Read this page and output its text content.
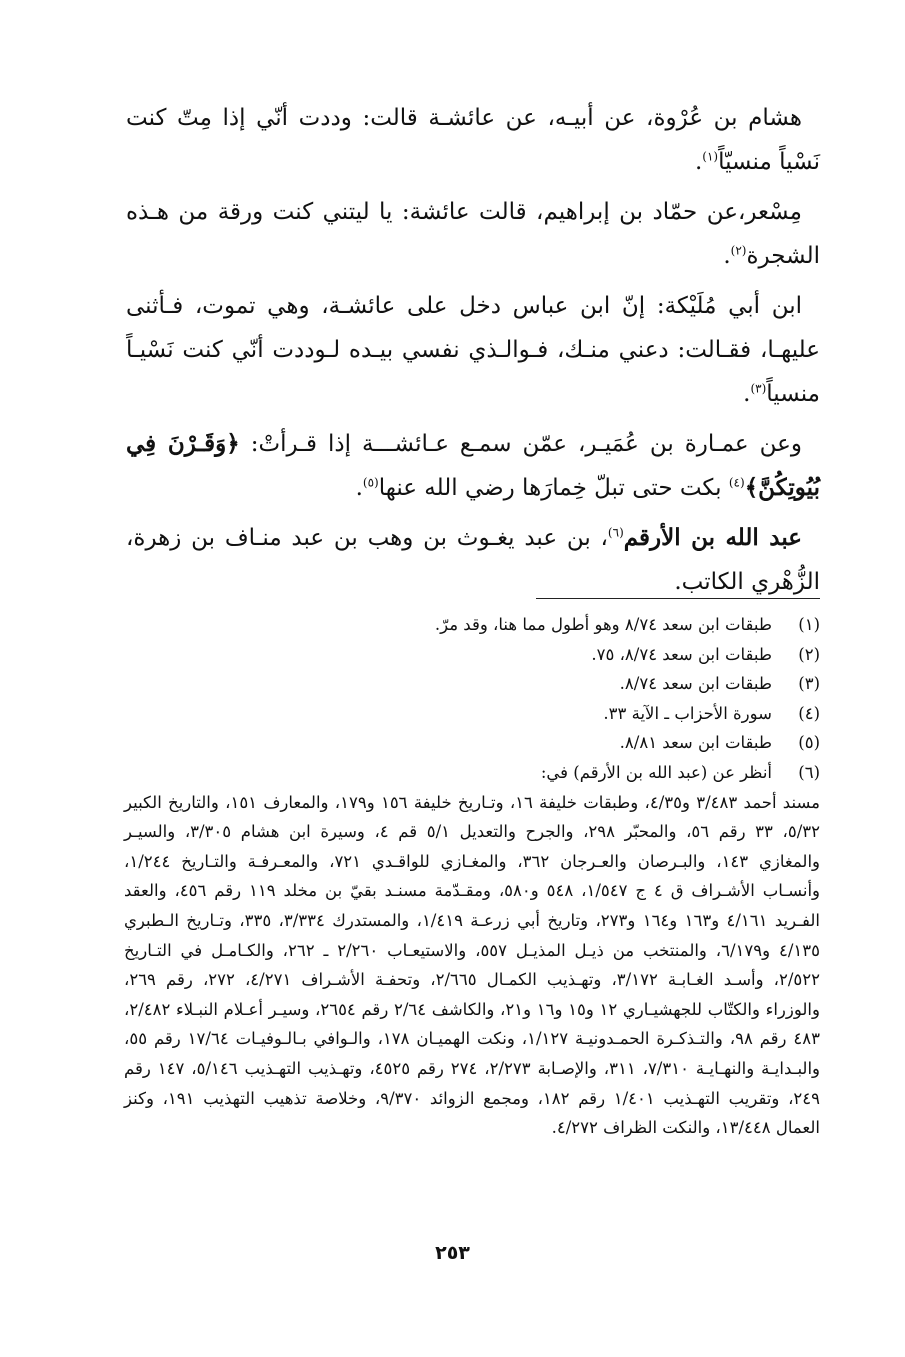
هشام بن عُرْوة، عن أبيـه، عن عائشـة قالت: وددت أنّي إذا مِتّ كنت نَسْياً منسيّاً$^{(١)}$.

مِسْعر،عن حمّاد بن إبراهيم، قالت عائشة: يا ليتني كنت ورقة من هـذه الشجرة$^{(٢)}$.

ابن أبي مُلَيْكة: إنّ ابن عباس دخل على عائشـة، وهي تموت، فـأثنى عليهـا، فقـالت: دعني منـك، فـوالـذي نفسي بيـده لـوددت أنّي كنت نَسْيـاً منسياً$^{(٣)}$.

وعن عمـارة بن عُمَيـر، عمّن سمـع عـائشـــة إذا قـرأتْ: ﴿وَقَـرْنَ فِي بُيُوتِكُنَّ﴾$^{(٤)}$ بكت حتى تبلّ خِمارَها رضي الله عنها$^{(٥)}$.

عبد الله بن الأرقم$^{(٦)}$، بن عبد يغـوث بن وهب بن عبد منـاف بن زهرة، الزُّهْري الكاتب.

(١)
طبقات ابن سعد ٨/٧٤ وهو أطول مما هنا، وقد مرّ.
(٢)
طبقات ابن سعد ٨/٧٤، ٧٥.
(٣)
طبقات ابن سعد ٨/٧٤.
(٤)
سورة الأحزاب ـ الآية ٣٣.
(٥)
طبقات ابن سعد ٨/٨١.
(٦)
أنظر عن (عبد الله بن الأرقم) في:
مسند أحمد ٣/٤٨٣ و٤/٣٥، وطبقات خليفة ١٦، وتـاريخ خليفة ١٥٦ و١٧٩، والمعارف ١٥١، والتاريخ الكبير ٥/٣٢، ٣٣ رقم ٥٦، والمحبّر ٢٩٨، والجرح والتعديل ٥/١ قم ٤، وسيرة ابن هشام ٣/٣٠٥، والسيـر والمغازي ١٤٣، والبـرصان والعـرجان ٣٦٢، والمغـازي للواقـدي ٧٢١، والمعـرفـة والتـاريخ ١/٢٤٤، وأنسـاب الأشـراف ق ٤ ج ١/٥٤٧، ٥٤٨ و٥٨٠، ومقـدّمة مسنـد بقيّ بن مخلد ١١٩ رقم ٤٥٦، والعقد الفـريد ٤/١٦١ و١٦٣ و١٦٤ و٢٧٣، وتاريخ أبي زرعـة ١/٤١٩، والمستدرك ٣/٣٣٤، ٣٣٥، وتـاريخ الـطبري ٤/١٣٥ و٦/١٧٩، والمنتخب من ذيـل المذيـل ٥٥٧، والاستيعـاب ٢/٢٦٠ ـ ٢٦٢، والكـامـل في التـاريخ ٢/٥٢٢، وأسـد الغـابـة ٣/١٧٢، وتهـذيب الكمـال ٢/٦٦٥، وتحفـة الأشـراف ٤/٢٧١، ٢٧٢، رقم ٢٦٩، والوزراء والكتّاب للجهشيـاري ١٢ و١٥ و١٦ و٢١، والكاشف ٢/٦٤ رقم ٢٦٥٤، وسيـر أعـلام النبـلاء ٢/٤٨٢، ٤٨٣ رقم ٩٨، والتـذكـرة الحمـدونيـة ١/١٢٧، ونكت الهميـان ١٧٨، والـوافي بـالـوفيـات ١٧/٦٤ رقم ٥٥، والبـدايـة والنهـايـة ٧/٣١٠، ٣١١، والإصـابة ٢/٢٧٣، ٢٧٤ رقم ٤٥٢٥، وتهـذيب التهـذيب ٥/١٤٦، ١٤٧ رقم ٢٤٩، وتقريب التهـذيب ١/٤٠١ رقم ١٨٢، ومجمع الزوائد ٩/٣٧٠، وخلاصة تذهيب التهذيب ١٩١، وكنز العمال ١٣/٤٤٨، والنكت الظراف ٤/٢٧٢.
٢٥٣
